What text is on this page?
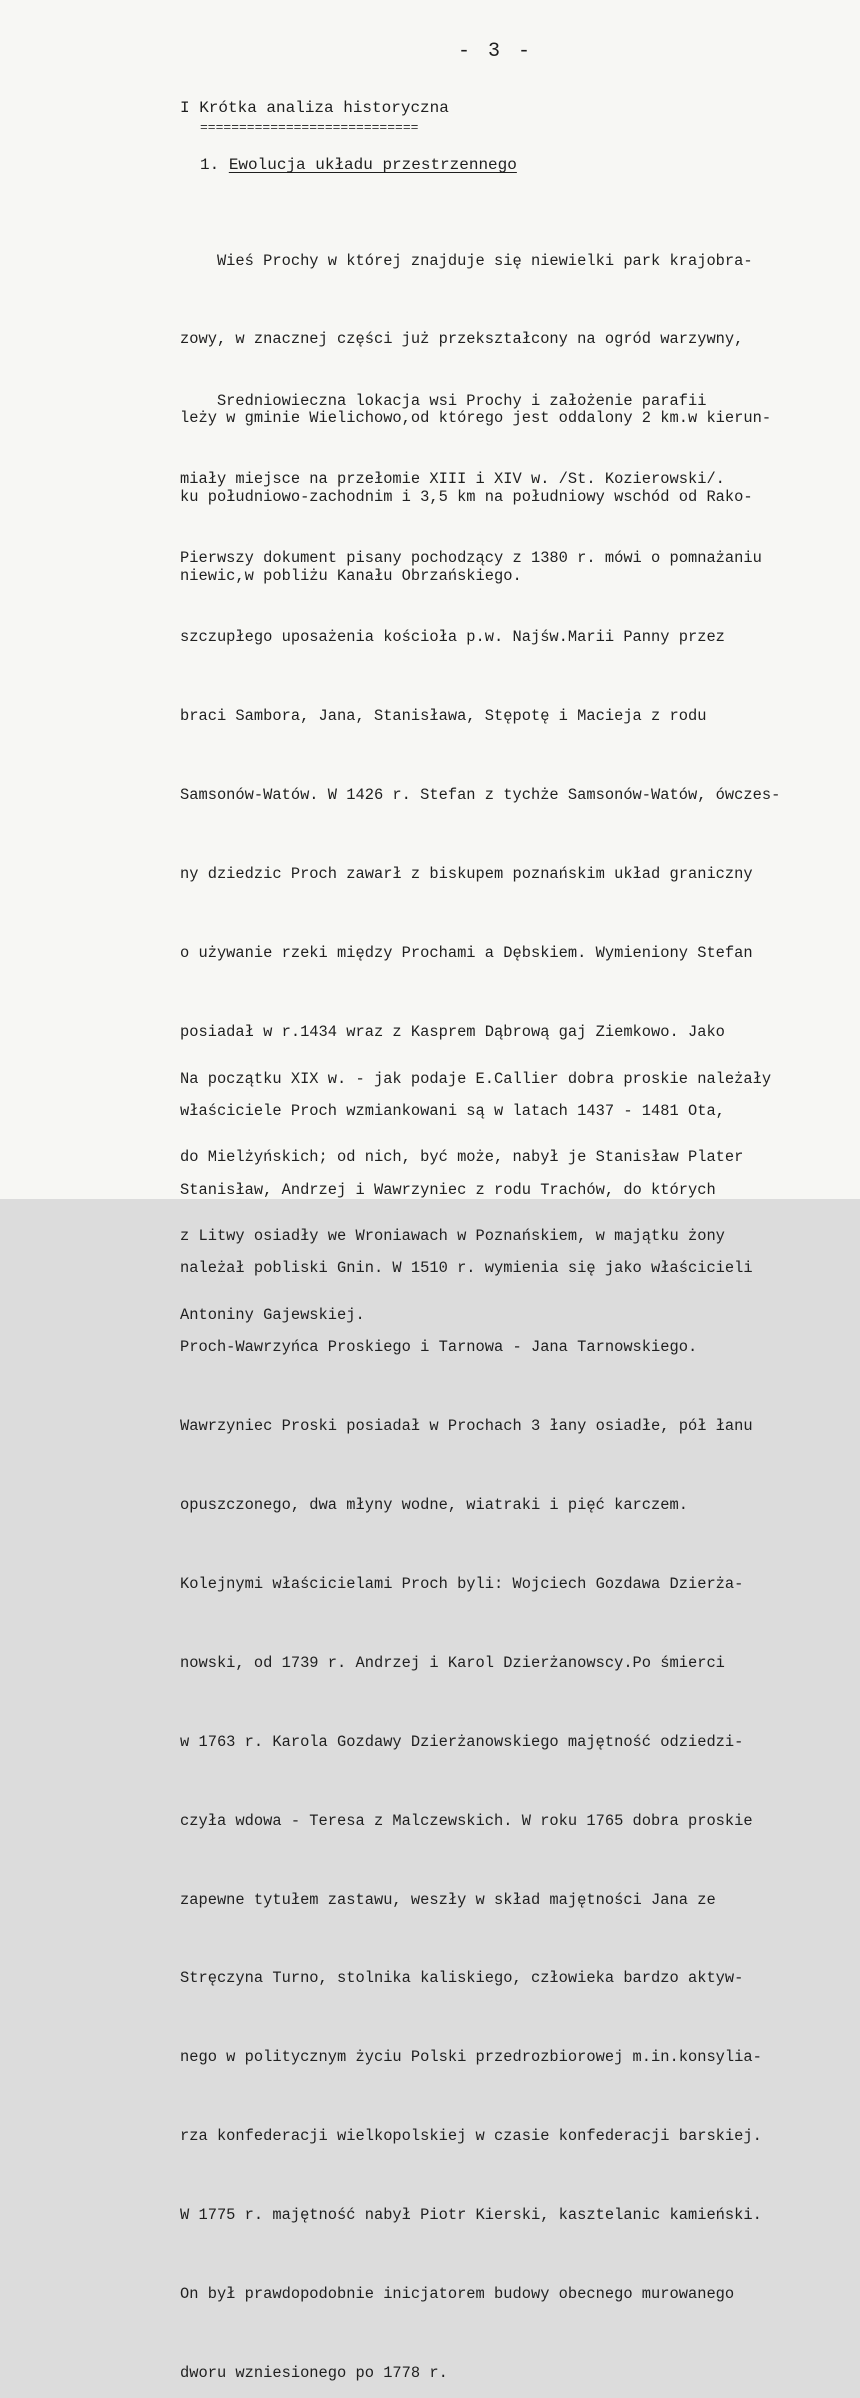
- 3 -
I Krótka analiza historyczna
============================
1. Ewolucja układu przestrzennego

Wieś Prochy w której znajduje się niewielki park krajobra-

zowy, w znacznej części już przekształcony na ogród warzywny,

leży w gminie Wielichowo,od którego jest oddalony 2 km.w kierun-

ku południowo-zachodnim i 3,5 km na południowy wschód od Rako-

niewic,w pobliżu Kanału Obrzańskiego.

Sredniowieczna lokacja wsi Prochy i założenie parafii

miały miejsce na przełomie XIII i XIV w. /St. Kozierowski/.

Pierwszy dokument pisany pochodzący z 1380 r. mówi o pomnażaniu

szczupłego uposażenia kościoła p.w. Najśw.Marii Panny przez

braci Sambora, Jana, Stanisława, Stępotę i Macieja z rodu

Samsonów-Watów. W 1426 r. Stefan z tychże Samsonów-Watów, ówczes-

ny dziedzic Proch zawarł z biskupem poznańskim układ graniczny

o używanie rzeki między Prochami a Dębskiem. Wymieniony Stefan

posiadał w r.1434 wraz z Kasprem Dąbrową gaj Ziemkowo. Jako

właściciele Proch wzmiankowani są w latach 1437 - 1481 Ota,

Stanisław, Andrzej i Wawrzyniec z rodu Trachów, do których

należał pobliski Gnin. W 1510 r. wymienia się jako właścicieli

Proch-Wawrzyńca Proskiego i Tarnowa - Jana Tarnowskiego.

Wawrzyniec Proski posiadał w Prochach 3 łany osiadłe, pół łanu

opuszczonego, dwa młyny wodne, wiatraki i pięć karczem.

Kolejnymi właścicielami Proch byli: Wojciech Gozdawa Dzierża-

nowski, od 1739 r. Andrzej i Karol Dzierżanowscy.Po śmierci

w 1763 r. Karola Gozdawy Dzierżanowskiego majętność odziedzi-

czyła wdowa - Teresa z Malczewskich. W roku 1765 dobra proskie

zapewne tytułem zastawu, weszły w skład majętności Jana ze

Stręczyna Turno, stolnika kaliskiego, człowieka bardzo aktyw-

nego w politycznym życiu Polski przedrozbiorowej m.in.konsylia-

rza konfederacji wielkopolskiej w czasie konfederacji barskiej.

W 1775 r. majętność nabył Piotr Kierski, kasztelanic kamieński.

On był prawdopodobnie inicjatorem budowy obecnego murowanego

dworu wzniesionego po 1778 r.

Na początku XIX w. - jak podaje E.Callier dobra proskie należały

do Mielżyńskich; od nich, być może, nabył je Stanisław Plater

z Litwy osiadły we Wroniawach w Poznańskiem, w majątku żony

Antoniny Gajewskiej.
